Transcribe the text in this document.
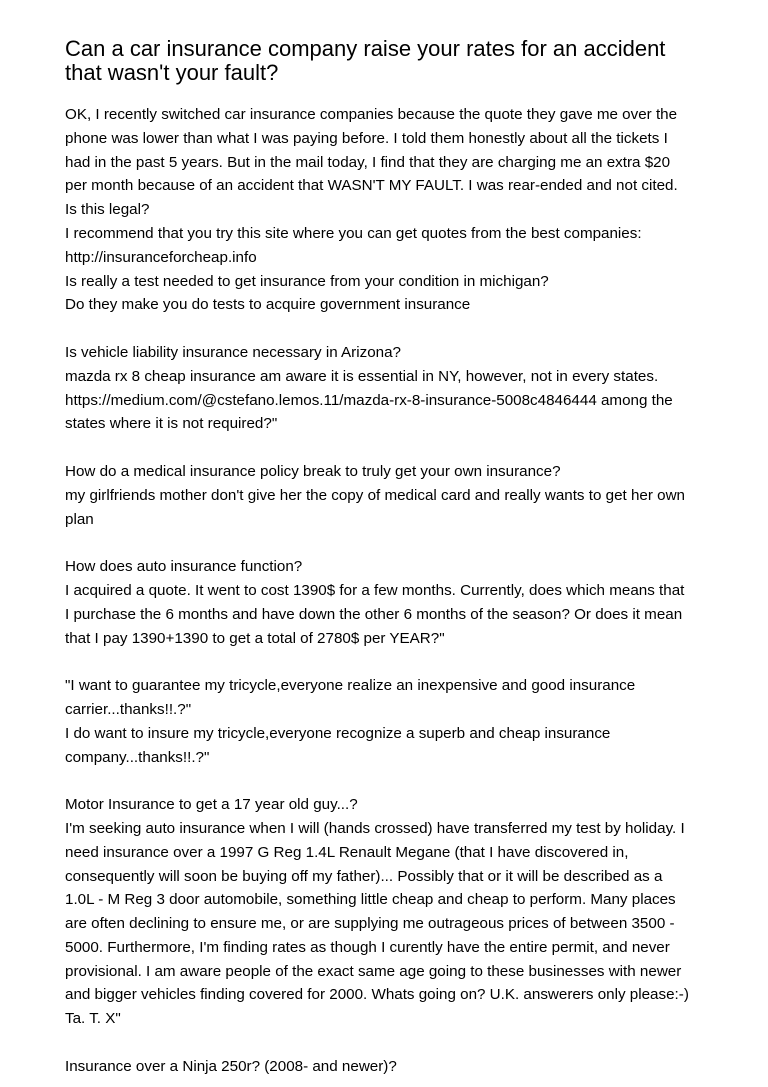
Can a car insurance company raise your rates for an accident
that wasn't your fault?
OK, I recently switched car insurance companies because the quote they gave me over the
phone was lower than what I was paying before. I told them honestly about all the tickets I
had in the past 5 years. But in the mail today, I find that they are charging me an extra $20
per month because of an accident that WASN'T MY FAULT. I was rear-ended and not cited.
Is this legal?
I recommend that you try this site where you can get quotes from the best companies:
http://insuranceforcheap.info
Is really a test needed to get insurance from your condition in michigan?
Do they make you do tests to acquire government insurance
Is vehicle liability insurance necessary in Arizona?
mazda rx 8 cheap insurance am aware it is essential in NY, however, not in every states.
https://medium.com/@cstefano.lemos.11/mazda-rx-8-insurance-5008c4846444 among the
states where it is not required?"
How do a medical insurance policy break to truly get your own insurance?
my girlfriends mother don't give her the copy of medical card and really wants to get her own
plan
How does auto insurance function?
I acquired a quote. It went to cost 1390$ for a few months. Currently, does which means that
I purchase the 6 months and have down the other 6 months of the season? Or does it mean
that I pay 1390+1390 to get a total of 2780$ per YEAR?"
"I want to guarantee my tricycle,everyone realize an inexpensive and good insurance
carrier...thanks!!.?"
I do want to insure my tricycle,everyone recognize a superb and cheap insurance
company...thanks!!.?"
Motor Insurance to get a 17 year old guy...?
I'm seeking auto insurance when I will (hands crossed) have transferred my test by holiday. I
need insurance over a 1997 G Reg 1.4L Renault Megane (that I have discovered in,
consequently will soon be buying off my father)... Possibly that or it will be described as a
1.0L - M Reg 3 door automobile, something little cheap and cheap to perform. Many places
are often declining to ensure me, or are supplying me outrageous prices of between 3500 -
5000. Furthermore, I'm finding rates as though I curently have the entire permit, and never
provisional. I am aware people of the exact same age going to these businesses with newer
and bigger vehicles finding covered for 2000. Whats going on? U.K. answerers only please:-)
Ta. T. X"
Insurance over a Ninja 250r? (2008- and newer)?
